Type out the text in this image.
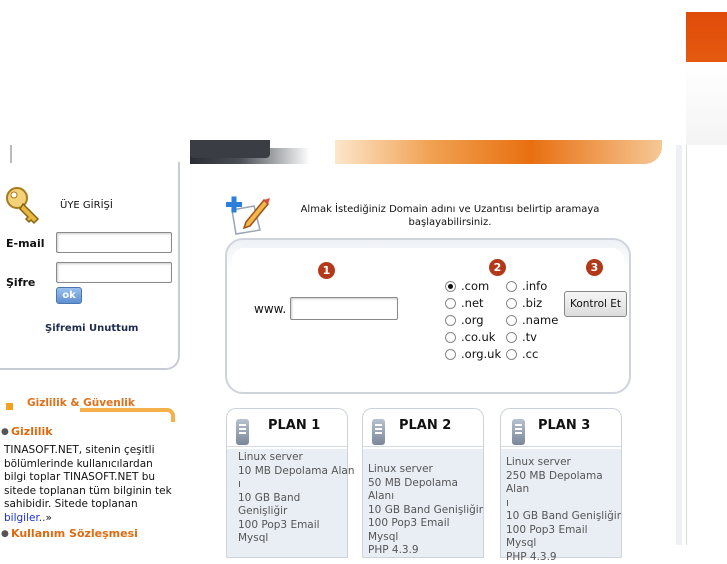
ÜYE GİRİŞİ
E-mail
Şifre
ok
Şifremi Unuttum
Gizlilik & Güvenlik
● Gizlilik
TINASOFT.NET, sitenin çeşitli bölümlerinde kullanıcılardan bilgi toplar TINASOFT.NET bu sitede toplanan tüm bilginin tek sahibidir. Sitede toplanan bilgiler..»
● Kullanım Sözleşmesi
Almak İstediğiniz Domain adını ve Uzantısı belirtip aramaya başlayabilirsiniz.
1	2	3
www.
.com
.net
.org
.co.uk
.org.uk
.info
.biz
.name
.tv
.cc
Kontrol Et
PLAN 1
Linux server
10 MB Depolama Alan
ı
10 GB Band
Genişliğir
100 Pop3 Email
Mysql
PLAN 2
Linux server
50 MB Depolama Alanı
10 GB Band Genişliğir
100 Pop3 Email
Mysql
PHP 4.3.9
PLAN 3
Linux server
250 MB Depolama Alan
ı
10 GB Band Genişliğir
100 Pop3 Email
Mysql
PHP 4.3.9
